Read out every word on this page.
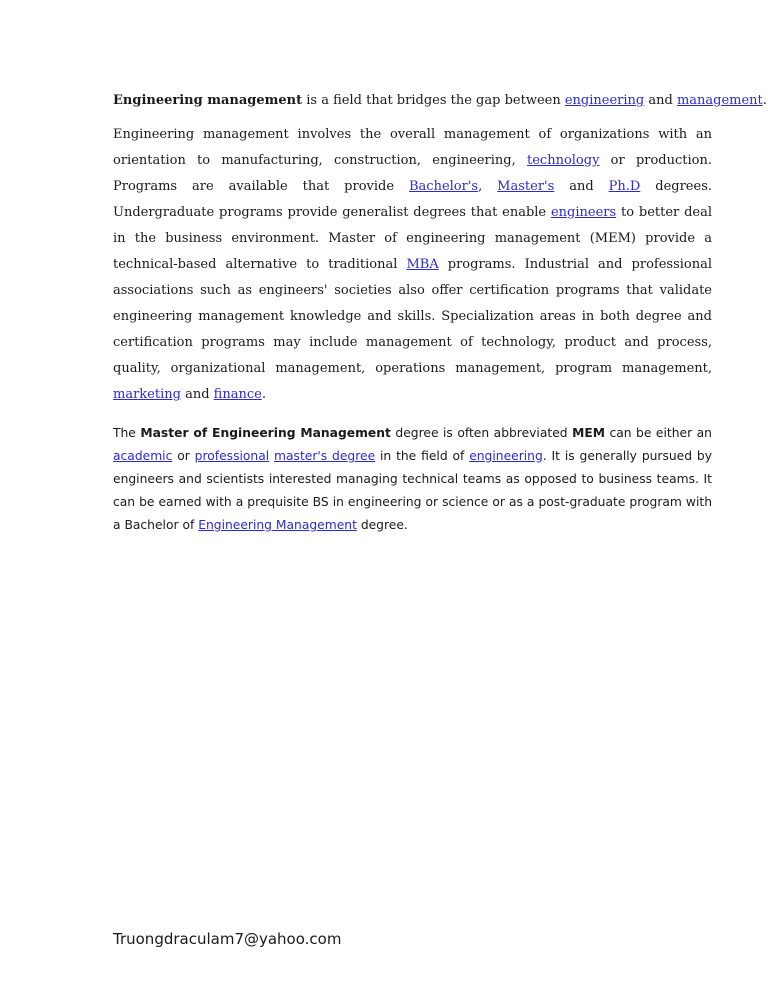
Engineering management is a field that bridges the gap between engineering and management.

Engineering management involves the overall management of organizations with an orientation to manufacturing, construction, engineering, technology or production. Programs are available that provide Bachelor's, Master's and Ph.D degrees. Undergraduate programs provide generalist degrees that enable engineers to better deal in the business environment. Master of engineering management (MEM) provide a technical-based alternative to traditional MBA programs. Industrial and professional associations such as engineers' societies also offer certification programs that validate engineering management knowledge and skills. Specialization areas in both degree and certification programs may include management of technology, product and process, quality, organizational management, operations management, program management, marketing and finance.

The Master of Engineering Management degree is often abbreviated MEM can be either an academic or professional master's degree in the field of engineering. It is generally pursued by engineers and scientists interested managing technical teams as opposed to business teams. It can be earned with a prequisite BS in engineering or science or as a post-graduate program with a Bachelor of Engineering Management degree.

Truongdraculam7@yahoo.com
